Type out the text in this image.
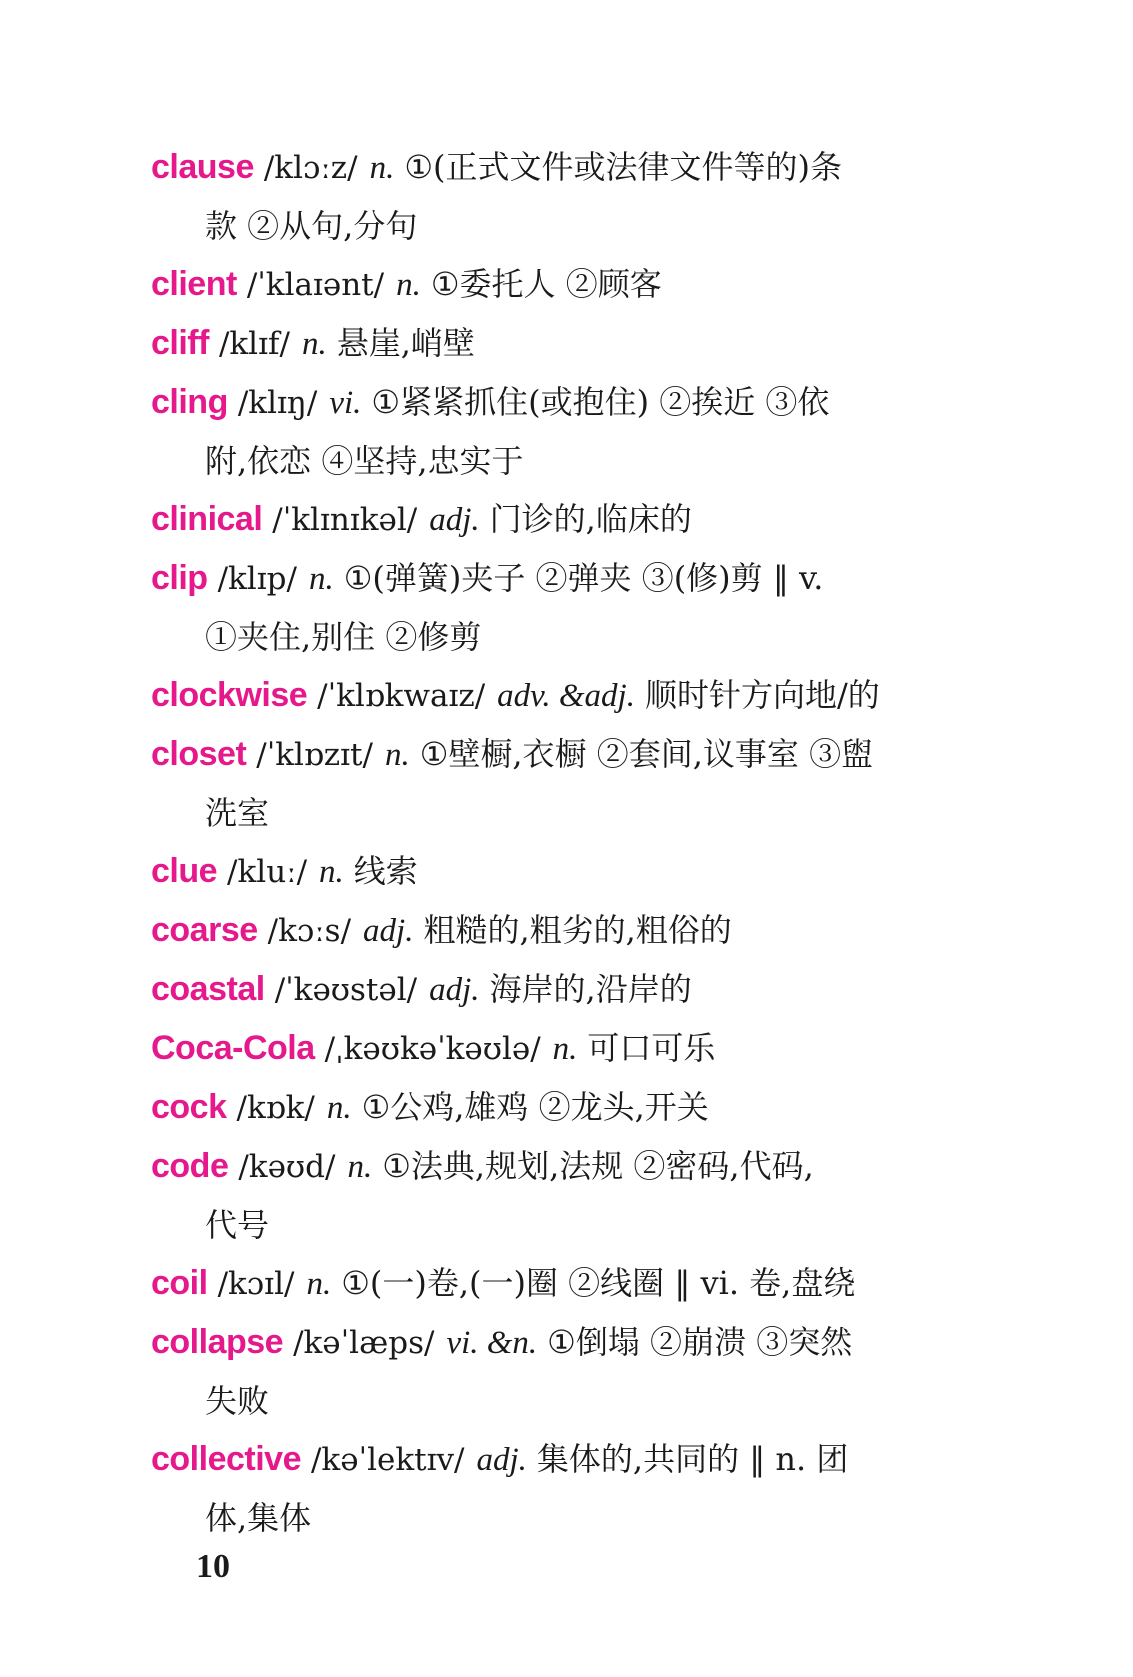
clause /klɔːz/ n. ①(正式文件或法律文件等的)条
款 ②从句,分句
client /ˈklaɪənt/ n. ①委托人 ②顾客
cliff /klɪf/ n. 悬崖,峭壁
cling /klɪŋ/ vi. ①紧紧抓住(或抱住) ②挨近 ③依
附,依恋 ④坚持,忠实于
clinical /ˈklɪnɪkəl/ adj. 门诊的,临床的
clip /klɪp/ n. ①(弹簧)夹子 ②弹夹 ③(修)剪 ‖ v.
①夹住,别住 ②修剪
clockwise /ˈklɒkwaɪz/ adv. &adj. 顺时针方向地/的
closet /ˈklɒzɪt/ n. ①壁橱,衣橱 ②套间,议事室 ③盥
洗室
clue /kluː/ n. 线索
coarse /kɔːs/ adj. 粗糙的,粗劣的,粗俗的
coastal /ˈkəʊstəl/ adj. 海岸的,沿岸的
Coca-Cola /ˌkəʊkəˈkəʊlə/ n. 可口可乐
cock /kɒk/ n. ①公鸡,雄鸡 ②龙头,开关
code /kəʊd/ n. ①法典,规划,法规 ②密码,代码,
代号
coil /kɔɪl/ n. ①(一)卷,(一)圈 ②线圈 ‖ vi. 卷,盘绕
collapse /kəˈlæps/ vi. &n. ①倒塌 ②崩溃 ③突然
失败
collective /kəˈlektɪv/ adj. 集体的,共同的 ‖ n. 团
体,集体
10
